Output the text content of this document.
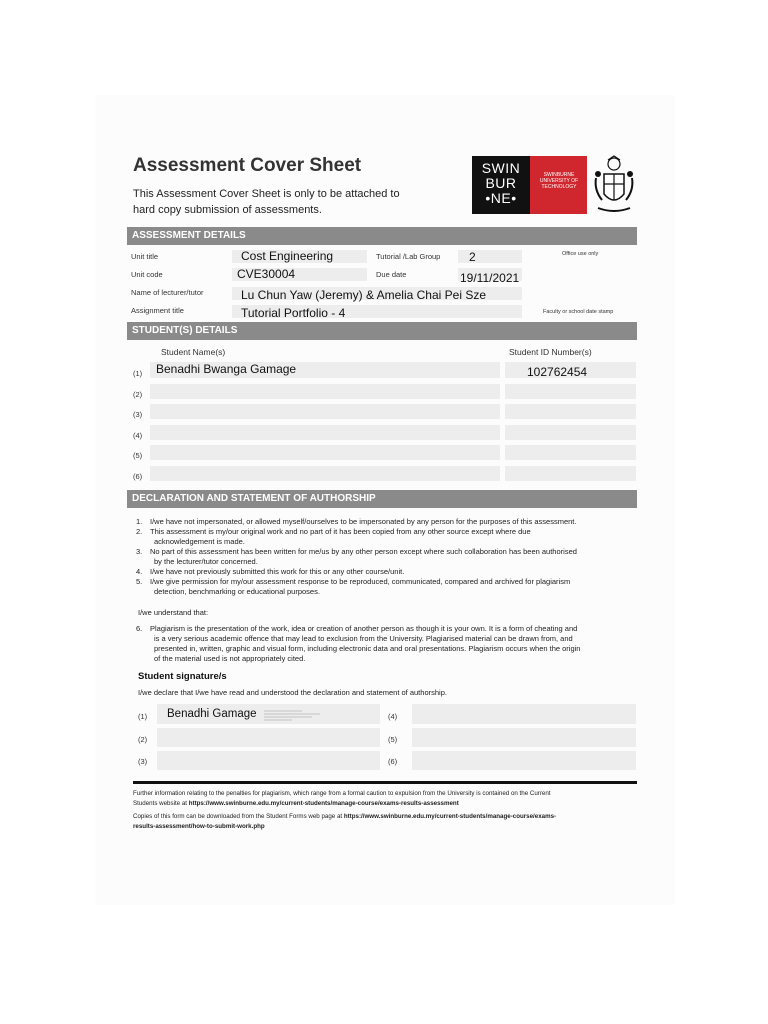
Assessment Cover Sheet
This Assessment Cover Sheet is only to be attached to
hard copy submission of assessments.
SWIN
BUR
•NE•
SWINBURNE
UNIVERSITY OF
TECHNOLOGY
ASSESSMENT DETAILS
Unit title	Cost Engineering	Tutorial /Lab Group 2	Office use only
Unit code	CVE30004	Due date	19/11/2021
Name of lecturer/tutor	Lu Chun Yaw (Jeremy) & Amelia Chai Pei Sze
Assignment title	Tutorial Portfolio - 4	Faculty or school date stamp
STUDENT(S) DETAILS
Student Name(s)	Student ID Number(s)
(1) Benadhi Bwanga Gamage	102762454
(2)
(3)
(4)
(5)
(6)
DECLARATION AND STATEMENT OF AUTHORSHIP
1. I/we have not impersonated, or allowed myself/ourselves to be impersonated by any person for the purposes of this assessment.
2. This assessment is my/our original work and no part of it has been copied from any other source except where due
acknowledgement is made.
3. No part of this assessment has been written for me/us by any other person except where such collaboration has been authorised
by the lecturer/tutor concerned.
4. I/we have not previously submitted this work for this or any other course/unit.
5. I/we give permission for my/our assessment response to be reproduced, communicated, compared and archived for plagiarism
detection, benchmarking or educational purposes.
I/we understand that:
6. Plagiarism is the presentation of the work, idea or creation of another person as though it is your own. It is a form of cheating and
is a very serious academic offence that may lead to exclusion from the University. Plagiarised material can be drawn from, and
presented in, written, graphic and visual form, including electronic data and oral presentations. Plagiarism occurs when the origin
of the material used is not appropriately cited.
Student signature/s
I/we declare that I/we have read and understood the declaration and statement of authorship.
(1) Benadhi Gamage
(2)
(3)
(4)
(5)
(6)
Further information relating to the penalties for plagiarism, which range from a formal caution to expulsion from the University is contained on the Current
Students website at https://www.swinburne.edu.my/current-students/manage-course/exams-results-assessment
Copies of this form can be downloaded from the Student Forms web page at https://www.swinburne.edu.my/current-students/manage-course/exams-
results-assessment/how-to-submit-work.php
